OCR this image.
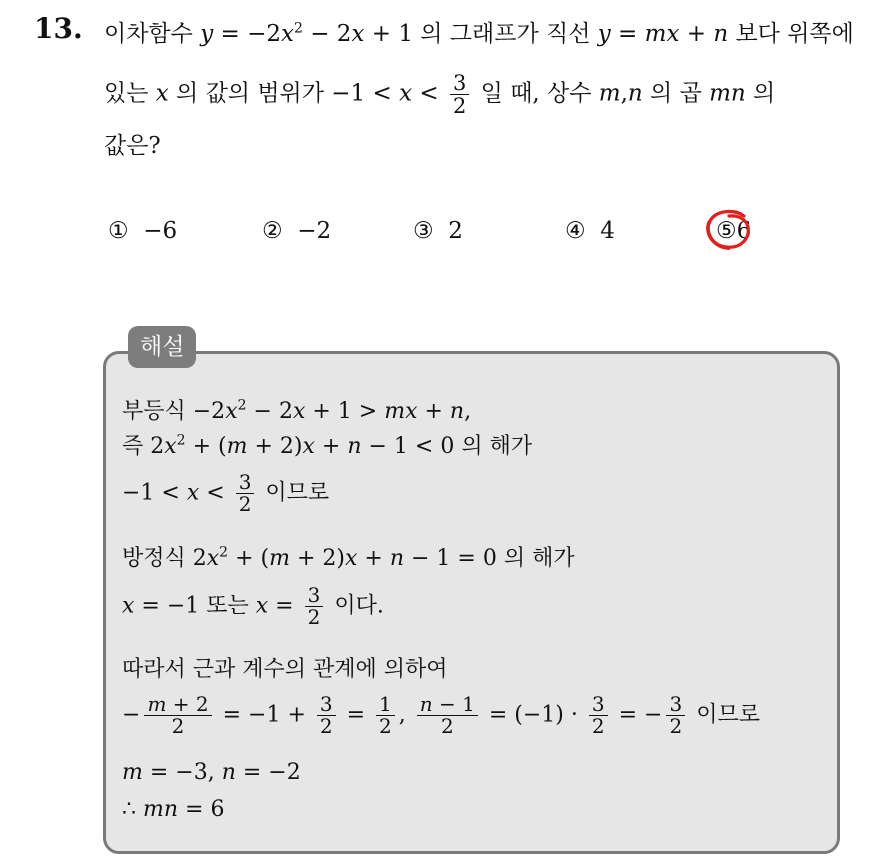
13. 이차함수 $y = -2x^2 - 2x + 1$ 의 그래프가 직선 y = mx + n 보다 위쪽에
있는 x 의 값의 범위가 $-1 < x < \frac{3}{2}$ 일 때, 상수 m,n 의 곱 mn 의
값은?
① −6	② −2	③ 2	④ 4	⑤6
해설
부등식 $-2x^2 - 2x + 1$ > mx + n,
즉 $2x^2 + (m + 2)x + n - 1 < 0$ 의 해가
$-1 < x < \frac{3}{2}$ 이므로
방정식 $2x^2 + (m + 2)x + n - 1 = 0$ 의 해가
x = −1 또는 $x = \frac{3}{2}$ 이다.
따라서 근과 계수의 관계에 의하여
− $\frac{m + 2}{2} = -1 + \frac{3}{2} = \frac{1}{2}$ , $\frac{n - 1}{2} = (-1) \cdot \frac{3}{2}$ = − $\frac{3}{2}$ 이므로
m = −3, n = −2
∴ mn = 6
